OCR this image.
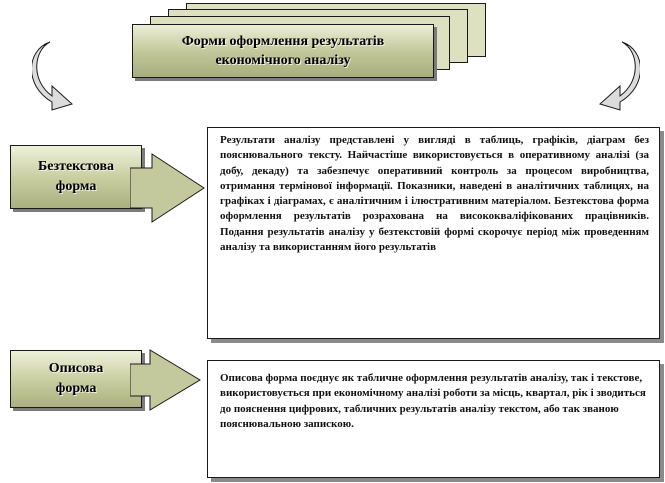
Форми оформлення результатів
економічного аналізу
Безтекстова
форма
Результати аналізу представлені у вигляді в таблиць, графіків, діаграм без пояснювального тексту. Найчастіше використовується в оперативному аналізі (за добу, декаду) та забезпечує оперативний контроль за процесом виробництва, отримання термінової інформації. Показники, наведені в аналітичних таблицях, на графіках і діаграмах, є аналітичним і ілюстративним матеріалом. Безтекстова форма оформлення результатів розрахована на висококваліфікованих працівників. Подання результатів аналізу у безтекстовій формі скорочує період між проведенням аналізу та використанням його результатів
Описова
форма
Описова форма поєднує як табличне оформлення результатів аналізу, так і текстове, використовується при економічному аналізі роботи за місць, квартал, рік і зводиться до пояснення цифрових, табличних результатів аналізу текстом, або так званою пояснювальною запискою.
